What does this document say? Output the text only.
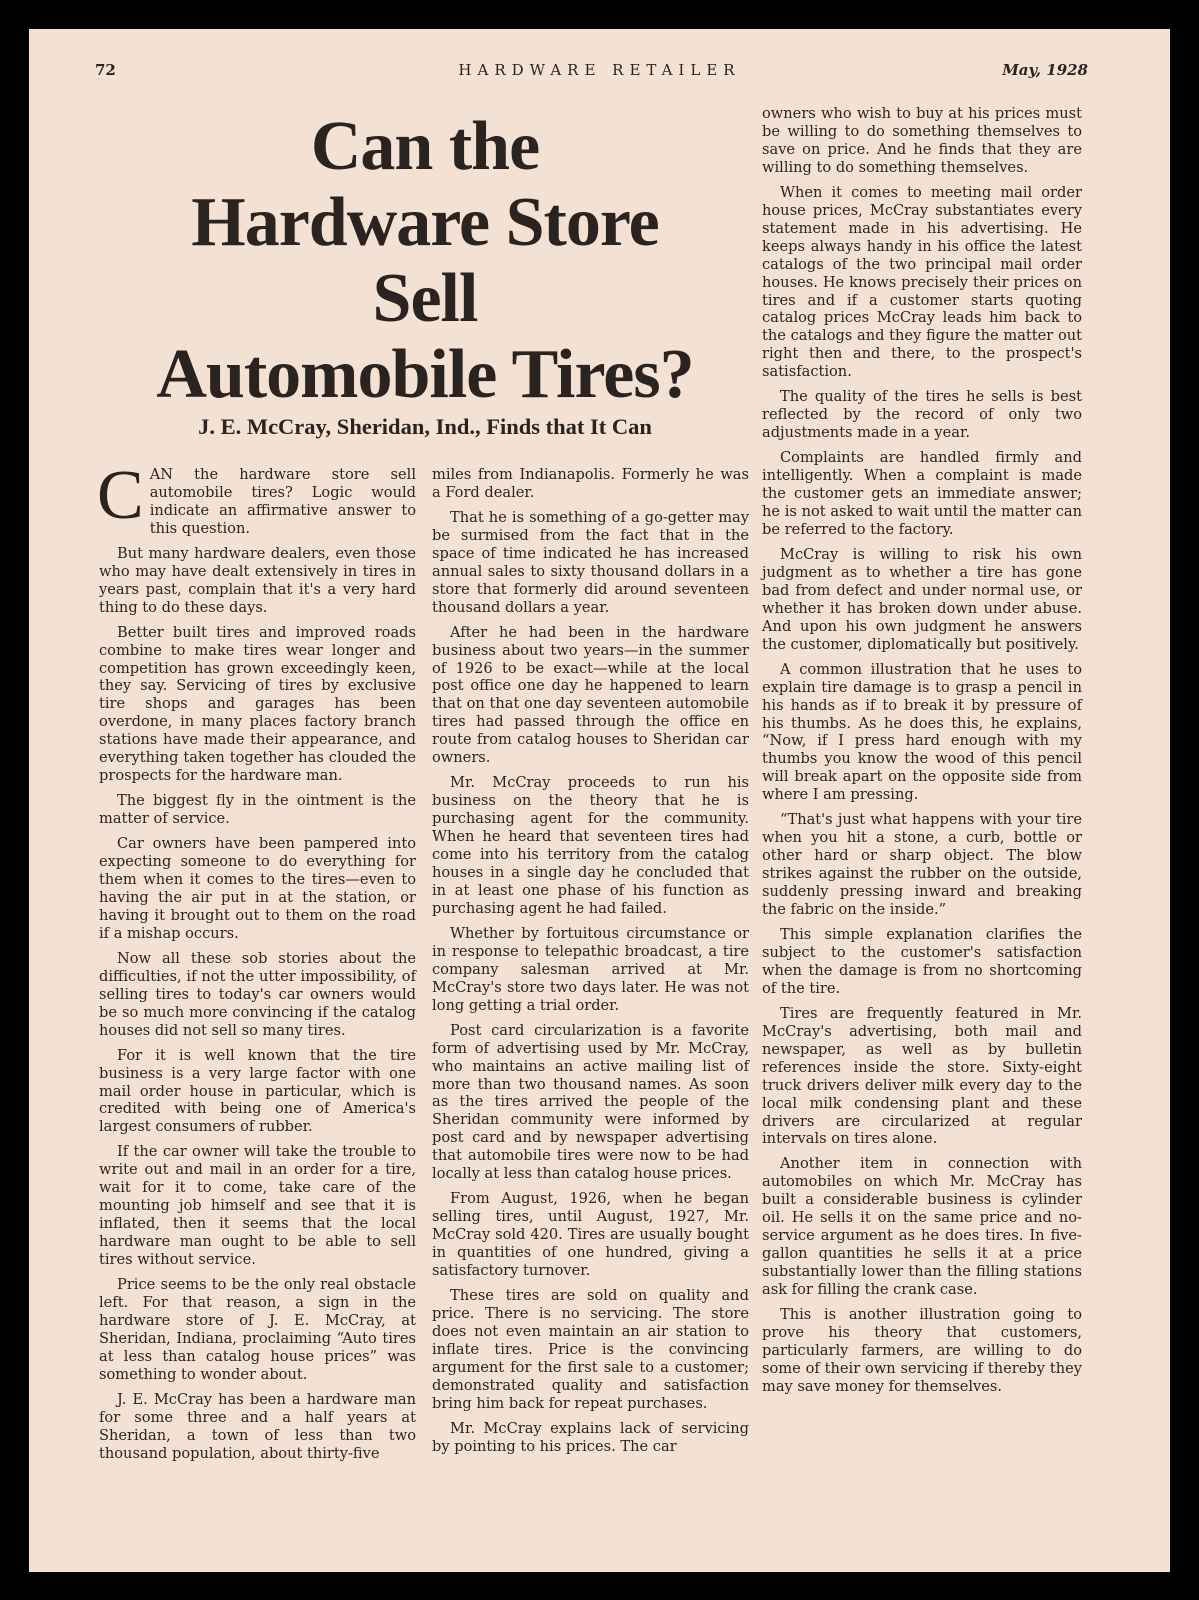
72	HARDWARE RETAILER	May, 1928
Can the
Hardware Store
Sell
Automobile Tires?
J. E. McCray, Sheridan, Ind., Finds that It Can

CAN the hardware store sell automobile tires? Logic would indicate an affirmative answer to this question.

But many hardware dealers, even those who may have dealt extensively in tires in years past, complain that it's a very hard thing to do these days.

Better built tires and improved roads combine to make tires wear longer and competition has grown exceedingly keen, they say. Servicing of tires by exclusive tire shops and garages has been overdone, in many places factory branch stations have made their appearance, and everything taken together has clouded the prospects for the hardware man.

The biggest fly in the ointment is the matter of service.

Car owners have been pampered into expecting someone to do everything for them when it comes to the tires—even to having the air put in at the station, or having it brought out to them on the road if a mishap occurs.

Now all these sob stories about the difficulties, if not the utter impossibility, of selling tires to today's car owners would be so much more convincing if the catalog houses did not sell so many tires.

For it is well known that the tire business is a very large factor with one mail order house in particular, which is credited with being one of America's largest consumers of rubber.

If the car owner will take the trouble to write out and mail in an order for a tire, wait for it to come, take care of the mounting job himself and see that it is inflated, then it seems that the local hardware man ought to be able to sell tires without service.

Price seems to be the only real obstacle left. For that reason, a sign in the hardware store of J. E. McCray, at Sheridan, Indiana, proclaiming “Auto tires at less than catalog house prices” was something to wonder about.

J. E. McCray has been a hardware man for some three and a half years at Sheridan, a town of less than two thousand population, about thirty-five

miles from Indianapolis. Formerly he was a Ford dealer.

That he is something of a go-getter may be surmised from the fact that in the space of time indicated he has increased annual sales to sixty thousand dollars in a store that formerly did around seventeen thousand dollars a year.

After he had been in the hardware business about two years—in the summer of 1926 to be exact—while at the local post office one day he happened to learn that on that one day seventeen automobile tires had passed through the office en route from catalog houses to Sheridan car owners.

Mr. McCray proceeds to run his business on the theory that he is purchasing agent for the community. When he heard that seventeen tires had come into his territory from the catalog houses in a single day he concluded that in at least one phase of his function as purchasing agent he had failed.

Whether by fortuitous circumstance or in response to telepathic broadcast, a tire company salesman arrived at Mr. McCray's store two days later. He was not long getting a trial order.

Post card circularization is a favorite form of advertising used by Mr. McCray, who maintains an active mailing list of more than two thousand names. As soon as the tires arrived the people of the Sheridan community were informed by post card and by newspaper advertising that automobile tires were now to be had locally at less than catalog house prices.

From August, 1926, when he began selling tires, until August, 1927, Mr. McCray sold 420. Tires are usually bought in quantities of one hundred, giving a satisfactory turnover.

These tires are sold on quality and price. There is no servicing. The store does not even maintain an air station to inflate tires. Price is the convincing argument for the first sale to a customer; demonstrated quality and satisfaction bring him back for repeat purchases.

Mr. McCray explains lack of servicing by pointing to his prices. The car

owners who wish to buy at his prices must be willing to do something themselves to save on price. And he finds that they are willing to do something themselves.

When it comes to meeting mail order house prices, McCray substantiates every statement made in his advertising. He keeps always handy in his office the latest catalogs of the two principal mail order houses. He knows precisely their prices on tires and if a customer starts quoting catalog prices McCray leads him back to the catalogs and they figure the matter out right then and there, to the prospect's satisfaction.

The quality of the tires he sells is best reflected by the record of only two adjustments made in a year.

Complaints are handled firmly and intelligently. When a complaint is made the customer gets an immediate answer; he is not asked to wait until the matter can be referred to the factory.

McCray is willing to risk his own judgment as to whether a tire has gone bad from defect and under normal use, or whether it has broken down under abuse. And upon his own judgment he answers the customer, diplomatically but positively.

A common illustration that he uses to explain tire damage is to grasp a pencil in his hands as if to break it by pressure of his thumbs. As he does this, he explains, “Now, if I press hard enough with my thumbs you know the wood of this pencil will break apart on the opposite side from where I am pressing.

“That's just what happens with your tire when you hit a stone, a curb, bottle or other hard or sharp object. The blow strikes against the rubber on the outside, suddenly pressing inward and breaking the fabric on the inside.”

This simple explanation clarifies the subject to the customer's satisfaction when the damage is from no shortcoming of the tire.

Tires are frequently featured in Mr. McCray's advertising, both mail and newspaper, as well as by bulletin references inside the store. Sixty-eight truck drivers deliver milk every day to the local milk condensing plant and these drivers are circularized at regular intervals on tires alone.

Another item in connection with automobiles on which Mr. McCray has built a considerable business is cylinder oil. He sells it on the same price and no-service argument as he does tires. In five-gallon quantities he sells it at a price substantially lower than the filling stations ask for filling the crank case.

This is another illustration going to prove his theory that customers, particularly farmers, are willing to do some of their own servicing if thereby they may save money for themselves.
